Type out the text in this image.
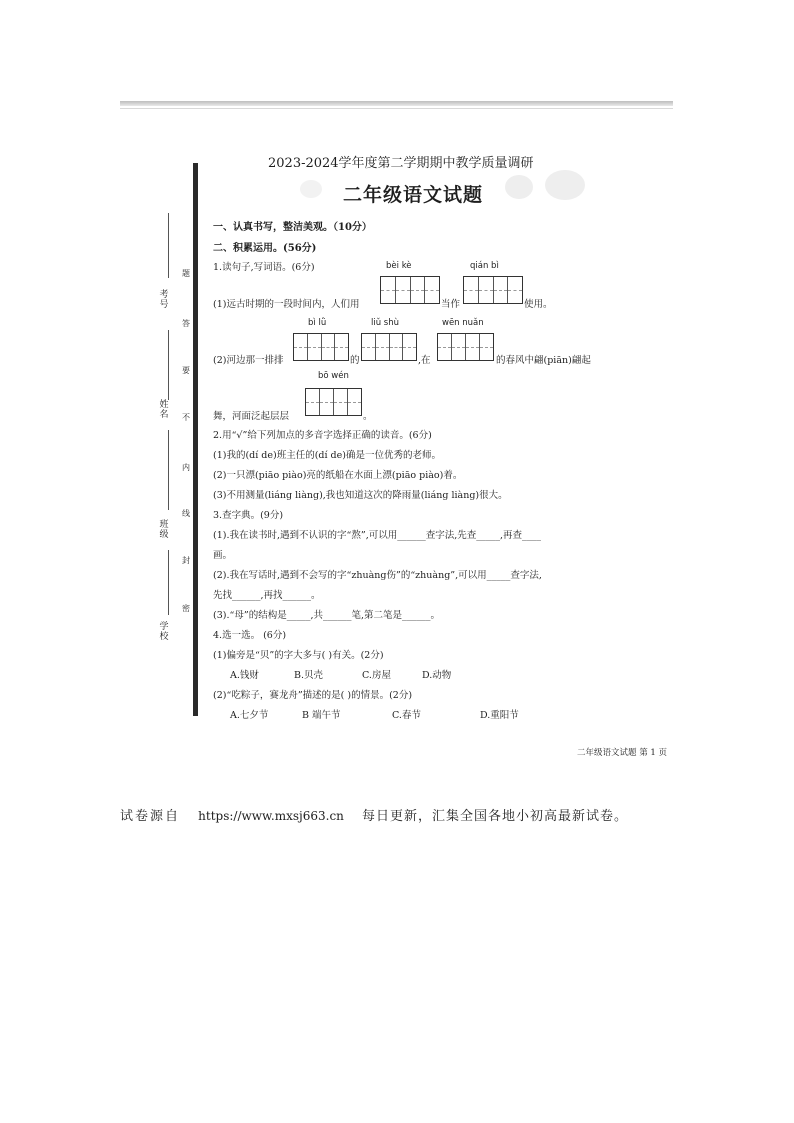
考号
姓名
班级
学校
题
答
要
不
内
线
封
密
2023-2024学年度第二学期期中教学质量调研
二年级语文试题
一、认真书写，整洁美观。（10分）
二、积累运用。(56分)
1.读句子,写词语。(6分)	bèi kè	qián bì
(1)远古时期的一段时间内，人们用	当作	使用。
bì lǜ	liǔ shù	wēn nuǎn
(2)河边那一排排	的	,在	的春风中翩(piān)翩起
bō wén
舞，河面泛起层层	。
2.用“√”给下列加点的多音字选择正确的读音。(6分)
(1)我的(dí de)班主任的(dí de)确是一位优秀的老师。
(2)一只漂(piāo piào)亮的纸船在水面上漂(piāo piào)着。
(3)不用测量(liáng liàng),我也知道这次的降雨量(liáng liàng)很大。
3.查字典。(9分)
(1).我在读书时,遇到不认识的字“熬”,可以用______查字法,先查_____,再查____
画。
(2).我在写话时,遇到不会写的字“zhuàng伤”的“zhuàng”,可以用_____查字法,
先找______,再找______。
(3).“母”的结构是_____,共______笔,第二笔是______。
4.选一选。 (6分)
(1)偏旁是“贝”的字大多与( )有关。(2分)
A.钱财	B.贝壳	C.房屋	D.动物
(2)“吃粽子，赛龙舟”描述的是( )的情景。(2分)
A.七夕节	B 端午节	C.春节	D.重阳节
二年级语文试题 第 1 页
试卷源自 https://www.mxsj663.cn 每日更新，汇集全国各地小初高最新试卷。
